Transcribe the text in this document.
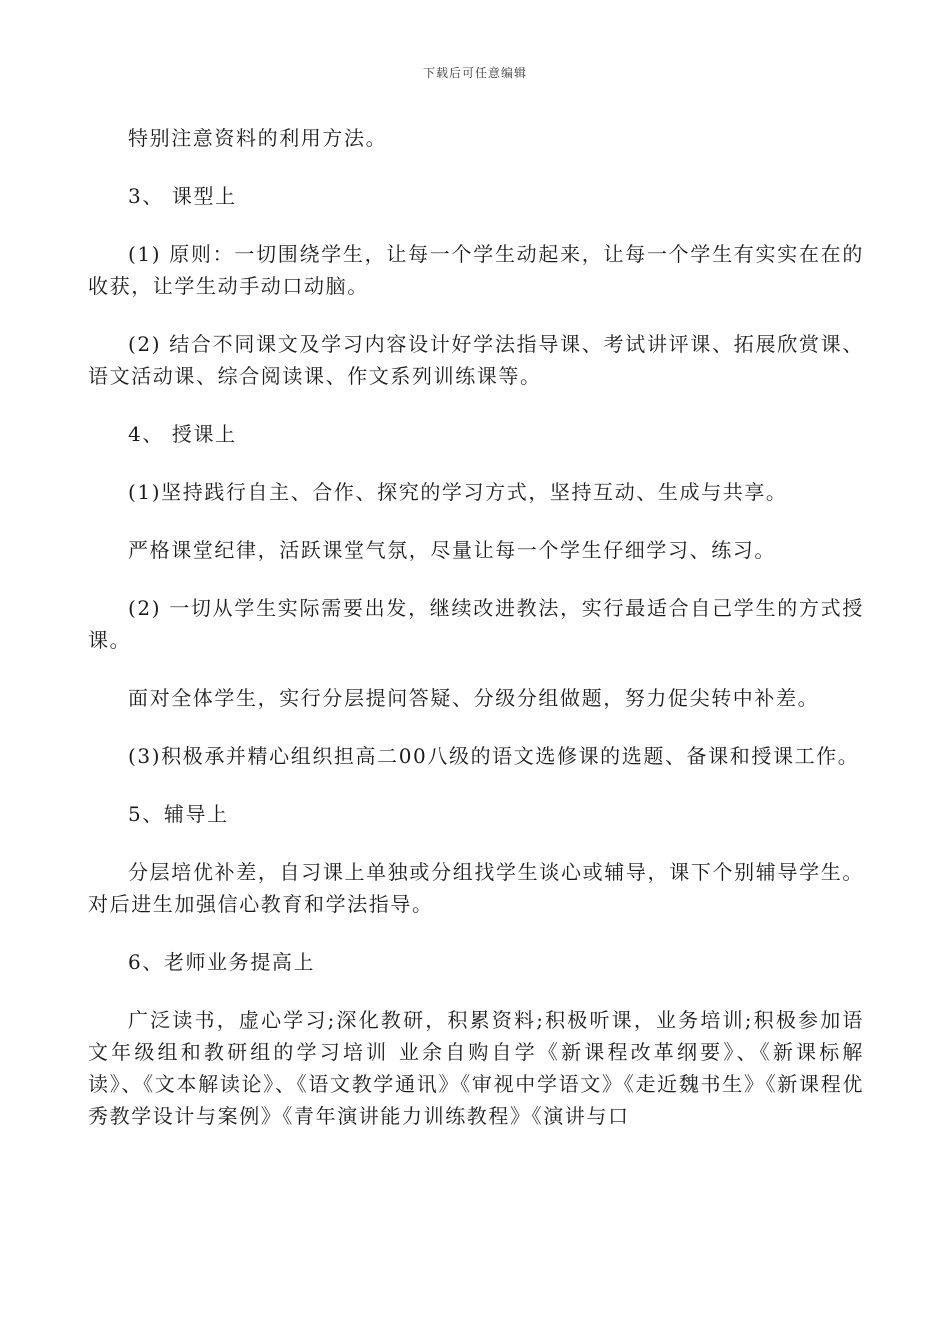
下载后可任意编辑

特别注意资料的利用方法。

3、 课型上

(1) 原则：一切围绕学生，让每一个学生动起来，让每一个学生有实实在在的收获，让学生动手动口动脑。

(2) 结合不同课文及学习内容设计好学法指导课、考试讲评课、拓展欣赏课、语文活动课、综合阅读课、作文系列训练课等。

4、 授课上

(1)坚持践行自主、合作、探究的学习方式，坚持互动、生成与共享。

严格课堂纪律，活跃课堂气氛，尽量让每一个学生仔细学习、练习。

(2) 一切从学生实际需要出发，继续改进教法，实行最适合自己学生的方式授课。

面对全体学生，实行分层提问答疑、分级分组做题，努力促尖转中补差。

(3)积极承并精心组织担高二00八级的语文选修课的选题、备课和授课工作。

5、辅导上

分层培优补差，自习课上单独或分组找学生谈心或辅导，课下个别辅导学生。对后进生加强信心教育和学法指导。

6、老师业务提高上

广泛读书，虚心学习;深化教研，积累资料;积极听课，业务培训;积极参加语文年级组和教研组的学习培训 业余自购自学《新课程改革纲要》、《新课标解读》、《文本解读论》、《语文教学通讯》《审视中学语文》《走近魏书生》《新课程优秀教学设计与案例》《青年演讲能力训练教程》《演讲与口
